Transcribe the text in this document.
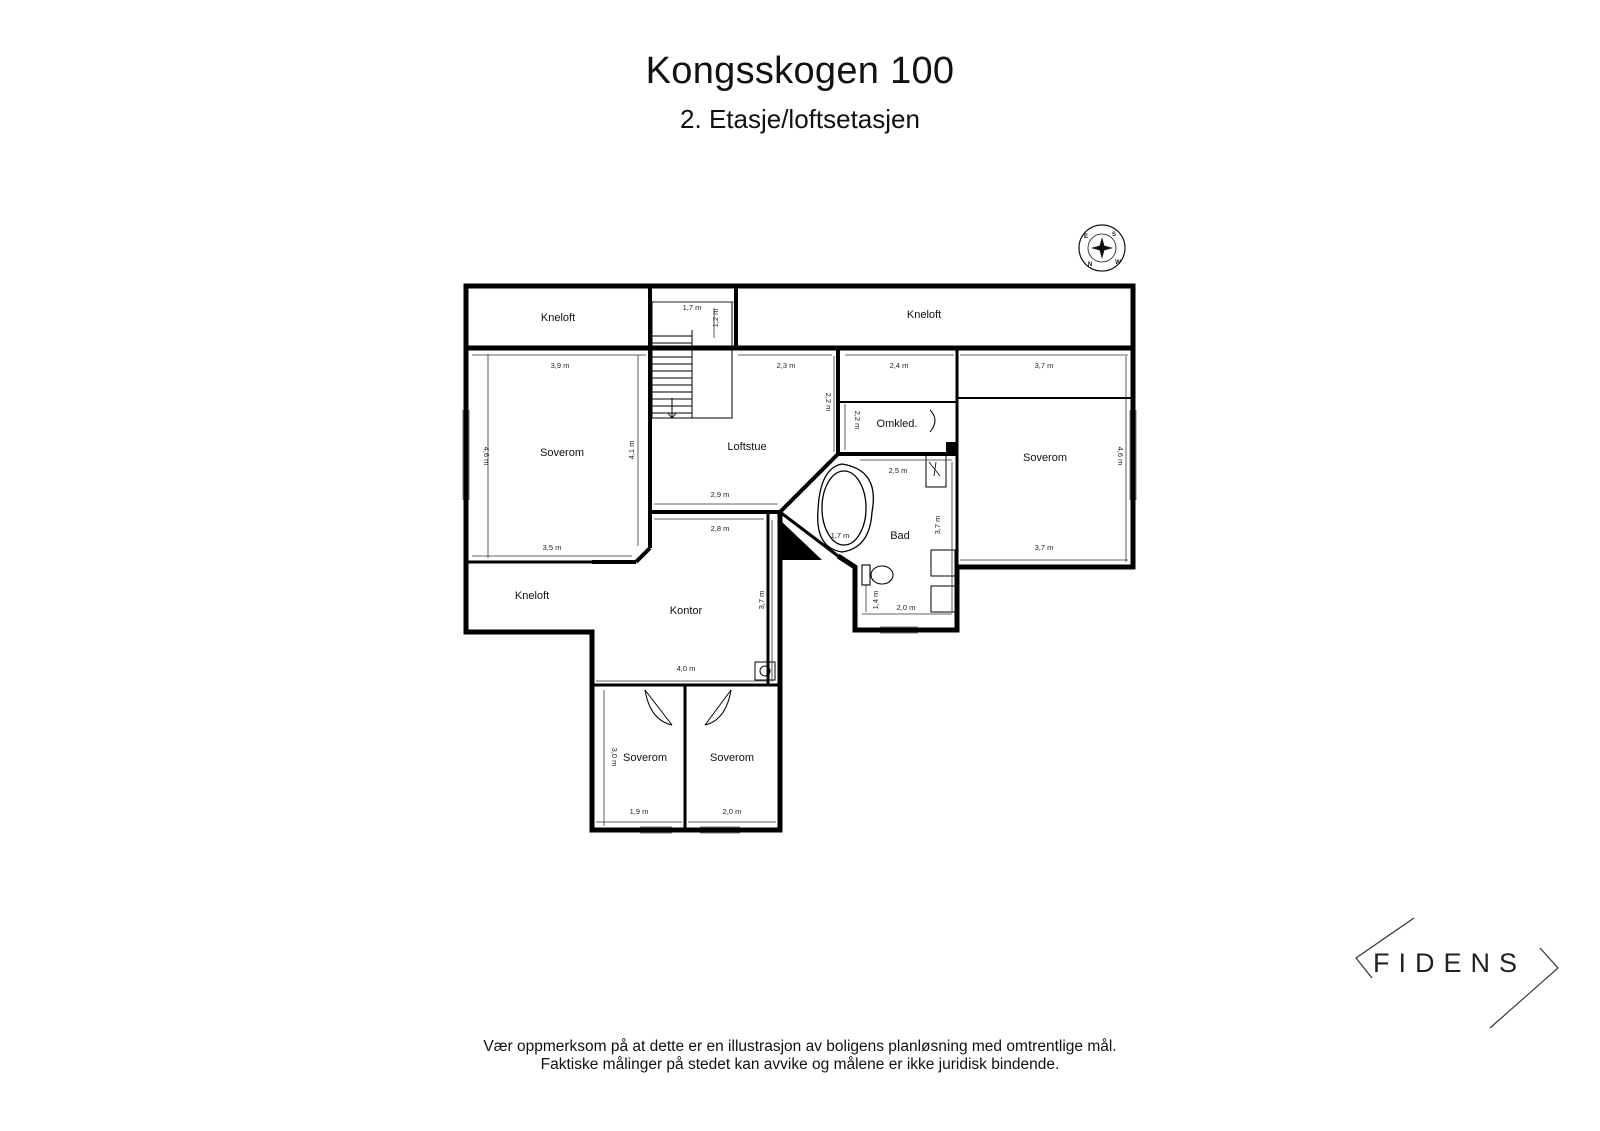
Kongsskogen 100
2. Etasje/loftsetasjen
Kneloft	Kneloft
Kneloft
Soverom	Loftstue
Omkled.
Bad
Soverom
Kontor
Soverom	Soverom
1,7 m
1,2 m
3,9 m
4,6 m	4,1 m
3,5 m
2,3 m
2,2 m
2,9 m
2,4 m
2,2 m
3,7 m
4,6 m
3,7 m
2,5 m
3,7 m
1,7 m
1,4 m 2,0 m
2,8 m
3,7 m
4,0 m
3,0 m
1,9 m	2,0 m
E	S
W
N
FIDENS
Vær oppmerksom på at dette er en illustrasjon av boligens planløsning med omtrentlige mål.
Faktiske målinger på stedet kan avvike og målene er ikke juridisk bindende.
